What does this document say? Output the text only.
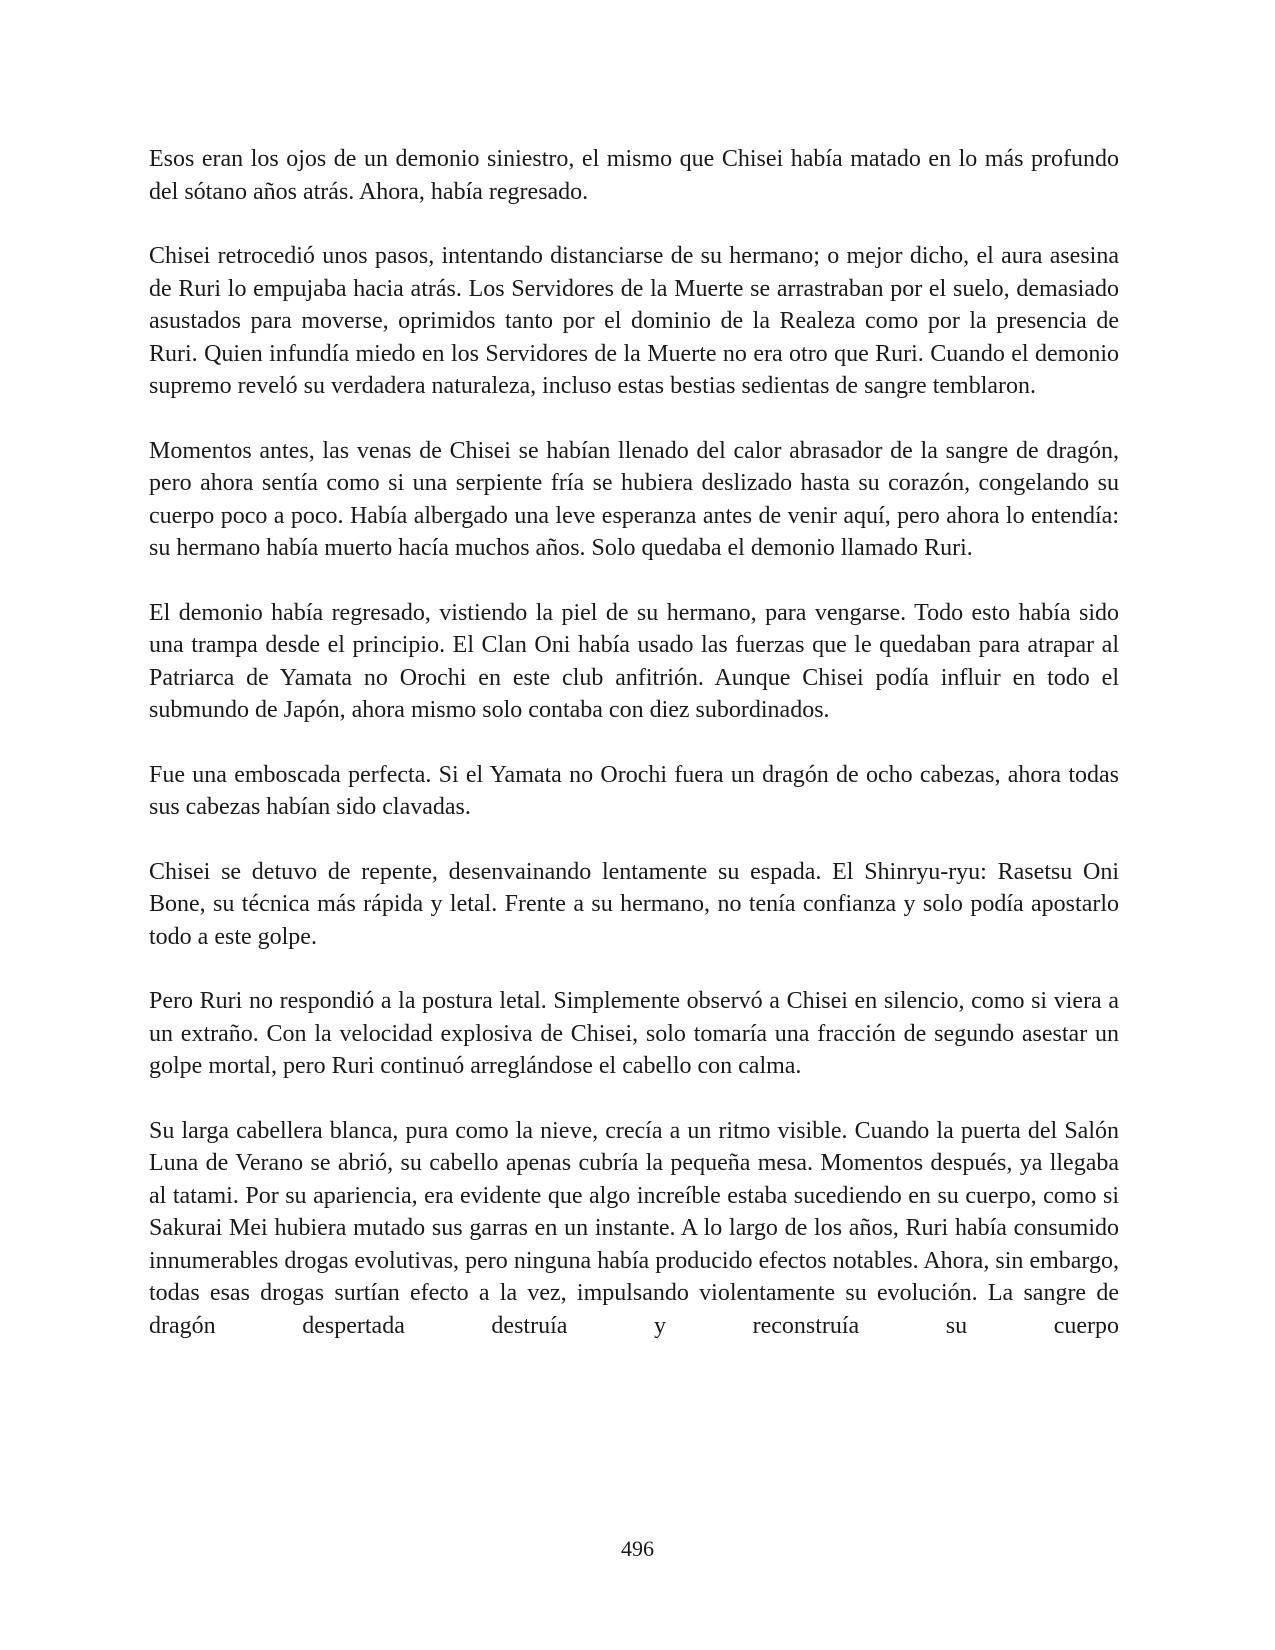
Esos eran los ojos de un demonio siniestro, el mismo que Chisei había matado en lo más profundo del sótano años atrás. Ahora, había regresado.

Chisei retrocedió unos pasos, intentando distanciarse de su hermano; o mejor dicho, el aura asesina de Ruri lo empujaba hacia atrás. Los Servidores de la Muerte se arrastraban por el suelo, demasiado asustados para moverse, oprimidos tanto por el dominio de la Realeza como por la presencia de Ruri. Quien infundía miedo en los Servidores de la Muerte no era otro que Ruri. Cuando el demonio supremo reveló su verdadera naturaleza, incluso estas bestias sedientas de sangre temblaron.

Momentos antes, las venas de Chisei se habían llenado del calor abrasador de la sangre de dragón, pero ahora sentía como si una serpiente fría se hubiera deslizado hasta su corazón, congelando su cuerpo poco a poco. Había albergado una leve esperanza antes de venir aquí, pero ahora lo entendía: su hermano había muerto hacía muchos años. Solo quedaba el demonio llamado Ruri.

El demonio había regresado, vistiendo la piel de su hermano, para vengarse. Todo esto había sido una trampa desde el principio. El Clan Oni había usado las fuerzas que le quedaban para atrapar al Patriarca de Yamata no Orochi en este club anfitrión. Aunque Chisei podía influir en todo el submundo de Japón, ahora mismo solo contaba con diez subordinados.

Fue una emboscada perfecta. Si el Yamata no Orochi fuera un dragón de ocho cabezas, ahora todas sus cabezas habían sido clavadas.

Chisei se detuvo de repente, desenvainando lentamente su espada. El Shinryu-ryu: Rasetsu Oni Bone, su técnica más rápida y letal. Frente a su hermano, no tenía confianza y solo podía apostarlo todo a este golpe.

Pero Ruri no respondió a la postura letal. Simplemente observó a Chisei en silencio, como si viera a un extraño. Con la velocidad explosiva de Chisei, solo tomaría una fracción de segundo asestar un golpe mortal, pero Ruri continuó arreglándose el cabello con calma.

Su larga cabellera blanca, pura como la nieve, crecía a un ritmo visible. Cuando la puerta del Salón Luna de Verano se abrió, su cabello apenas cubría la pequeña mesa. Momentos después, ya llegaba al tatami. Por su apariencia, era evidente que algo increíble estaba sucediendo en su cuerpo, como si Sakurai Mei hubiera mutado sus garras en un instante. A lo largo de los años, Ruri había consumido innumerables drogas evolutivas, pero ninguna había producido efectos notables. Ahora, sin embargo, todas esas drogas surtían efecto a la vez, impulsando violentamente su evolución. La sangre de dragón despertada destruía y reconstruía su cuerpo

496
